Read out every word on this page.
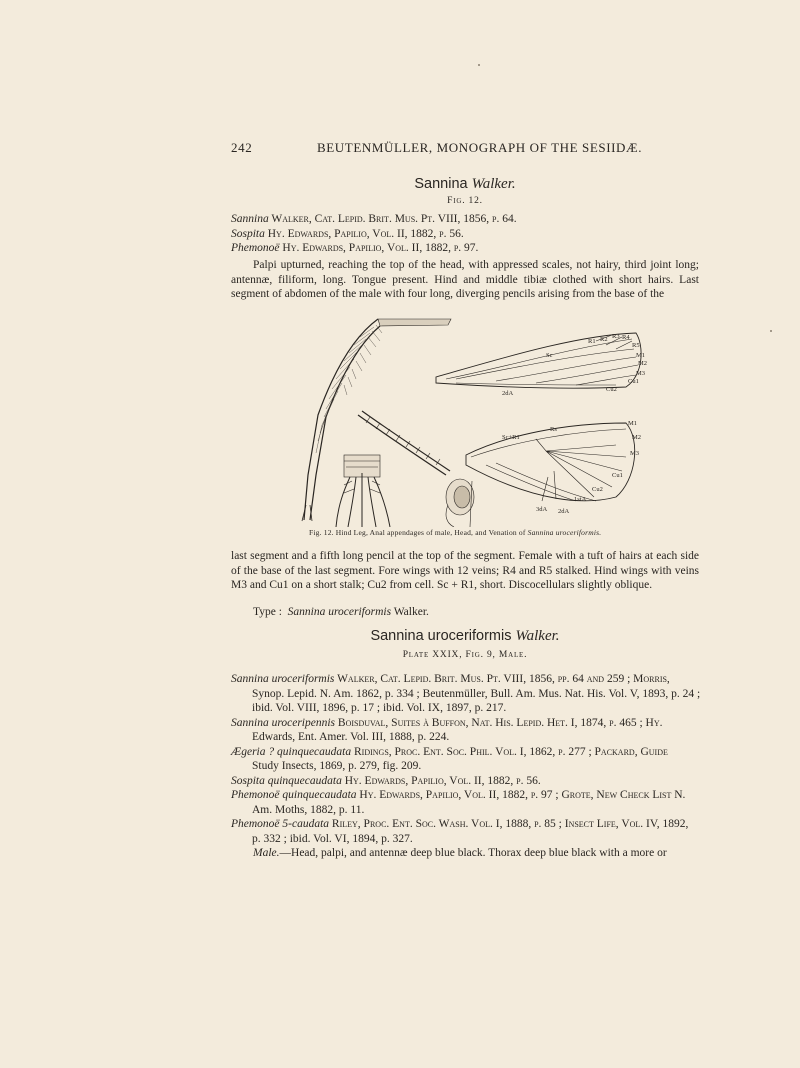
242	BEUTENMÜLLER, MONOGRAPH OF THE SESIIDÆ.
Sannina Walker.
Fig. 12.
Sannina Walker, Cat. Lepid. Brit. Mus. Pt. VIII, 1856, p. 64.
Sospita Hy. Edwards, Papilio, Vol. II, 1882, p. 56.
Phemonoë Hy. Edwards, Papilio, Vol. II, 1882, p. 97.
Palpi upturned, reaching the top of the head, with appressed scales, not hairy, third joint long; antennæ, filiform, long. Tongue present. Hind and middle tibiæ clothed with short hairs. Last segment of abdomen of the male with four long, diverging pencils arising from the base of the
R1 R2 R3 R4
R5
Sc	M1
M2
M3
Cu1
Cu2
2dA
Sc+R1
Rs
M1
M2
M3
Cu1
Cu2
1stA
2dA
3dA
Fig. 12. Hind Leg, Anal appendages of male, Head, and Venation of Sannina uroceriformis.
last segment and a fifth long pencil at the top of the segment. Female with a tuft of hairs at each side of the base of the last segment. Fore wings with 12 veins; R4 and R5 stalked. Hind wings with veins M3 and Cu1 on a short stalk; Cu2 from cell. Sc + R1, short. Discocellulars slightly oblique.
Type : Sannina uroceriformis Walker.
Sannina uroceriformis Walker.
Plate XXIX, Fig. 9, Male.
Sannina uroceriformis Walker, Cat. Lepid. Brit. Mus. Pt. VIII, 1856, pp. 64 and 259 ; Morris,
Synop. Lepid. N. Am. 1862, p. 334 ; Beutenmüller, Bull. Am. Mus. Nat. His. Vol. V, 1893, p. 24 ; ibid. Vol. VIII, 1896, p. 17 ; ibid. Vol. IX, 1897, p. 217.
Sannina uroceripennis Boisduval, Suites à Buffon, Nat. His. Lepid. Het. I, 1874, p. 465 ; Hy.
Edwards, Ent. Amer. Vol. III, 1888, p. 224.
Ægeria ? quinquecaudata Ridings, Proc. Ent. Soc. Phil. Vol. I, 1862, p. 277 ; Packard, Guide
Study Insects, 1869, p. 279, fig. 209.
Sospita quinquecaudata Hy. Edwards, Papilio, Vol. II, 1882, p. 56.
Phemonoë quinquecaudata Hy. Edwards, Papilio, Vol. II, 1882, p. 97 ; Grote, New Check List N.
Am. Moths, 1882, p. 11.
Phemonoë 5-caudata Riley, Proc. Ent. Soc. Wash. Vol. I, 1888, p. 85 ; Insect Life, Vol. IV, 1892,
p. 332 ; ibid. Vol. VI, 1894, p. 327.
Male.—Head, palpi, and antennæ deep blue black. Thorax deep blue black with a more or
